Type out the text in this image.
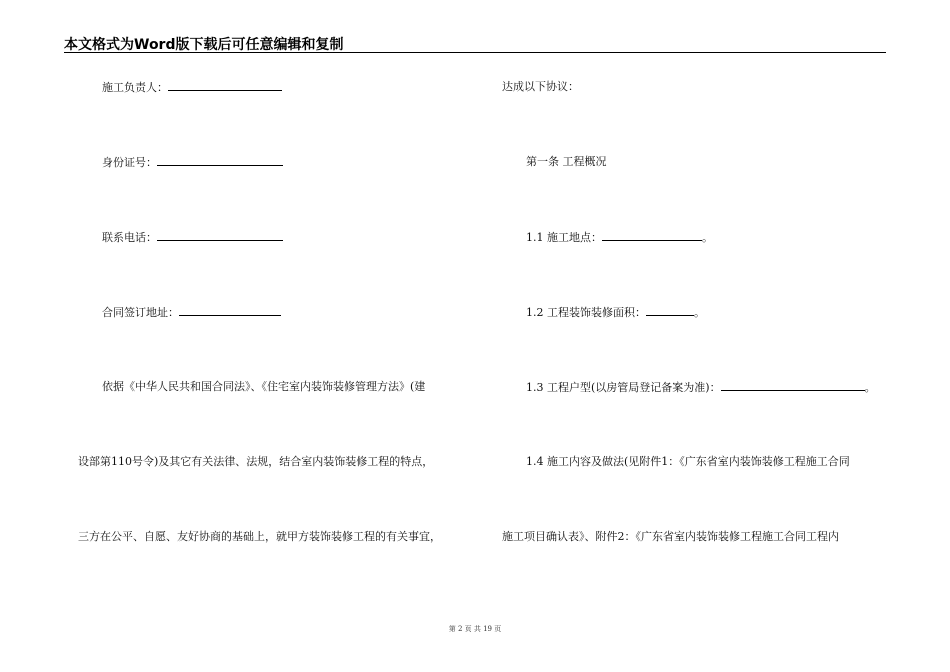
本文格式为Word版下载后可任意编辑和复制
施工负责人：
身份证号：
联系电话：
合同签订地址：
依据《中华人民共和国合同法》、《住宅室内装饰装修管理方法》(建
设部第110号令)及其它有关法律、法规，结合室内装饰装修工程的特点，
三方在公平、自愿、友好协商的基础上，就甲方装饰装修工程的有关事宜，
达成以下协议：
第一条 工程概况
1.1 施工地点：	。
1.2 工程装饰装修面积：	。
1.3 工程户型(以房管局登记备案为准)：	。
1.4 施工内容及做法(见附件1：《广东省室内装饰装修工程施工合同
施工项目确认表》、附件2：《广东省室内装饰装修工程施工合同工程内
第 2 页 共 19 页
